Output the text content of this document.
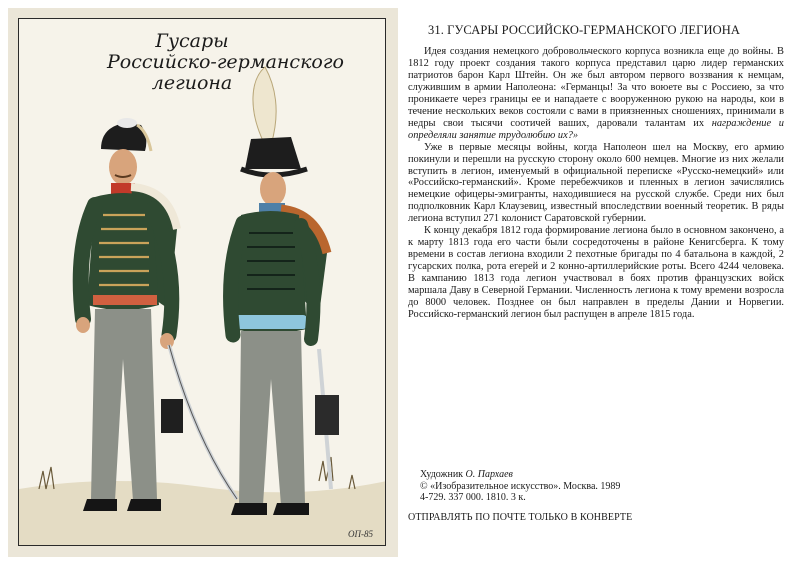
Гусары
Российско-германского
легиона
ОП-85
31. ГУСАРЫ РОССИЙСКО-ГЕРМАНСКОГО ЛЕГИОНА

Идея создания немецкого добровольческого корпуса возникла еще до войны. В 1812 году проект создания такого корпуса представил царю лидер германских патриотов барон Карл Штейн. Он же был автором первого воззвания к немцам, служившим в армии Наполеона: «Германцы! За что воюете вы с Россиею, за что проникаете через границы ее и нападаете с вооруженною рукою на народы, кои в течение нескольких веков состояли с вами в приязненных сношениях, принимали в недры свои тысячи соотичей ваших, даровали талантам их награждение и определяли занятие трудолюбию их?»

Уже в первые месяцы войны, когда Наполеон шел на Москву, его армию покинули и перешли на русскую сторону около 600 немцев. Многие из них желали вступить в легион, именуемый в официальной переписке «Русско-немецкий» или «Российско-германский». Кроме перебежчиков и пленных в легион зачислялись немецкие офицеры-эмигранты, находившиеся на русской службе. Среди них был подполковник Карл Клаузевиц, известный впоследствии военный теоретик. В ряды легиона вступил 271 колонист Саратовской губернии.

К концу декабря 1812 года формирование легиона было в основном закончено, а к марту 1813 года его части были сосредоточены в районе Кенигсберга. К тому времени в состав легиона входили 2 пехотные бригады по 4 батальона в каждой, 2 гусарских полка, рота егерей и 2 конно-артиллерийские роты. Всего 4244 человека. В кампанию 1813 года легион участвовал в боях против французских войск маршала Даву в Северной Германии. Численность легиона к тому времени возросла до 8000 человек. Позднее он был направлен в пределы Дании и Норвегии. Российско-германский легион был распущен в апреле 1815 года.

Художник О. Пархаев
© «Изобразительное искусство». Москва. 1989
4-729. 337 000. 1810. 3 к.
ОТПРАВЛЯТЬ ПО ПОЧТЕ ТОЛЬКО В КОНВЕРТЕ
